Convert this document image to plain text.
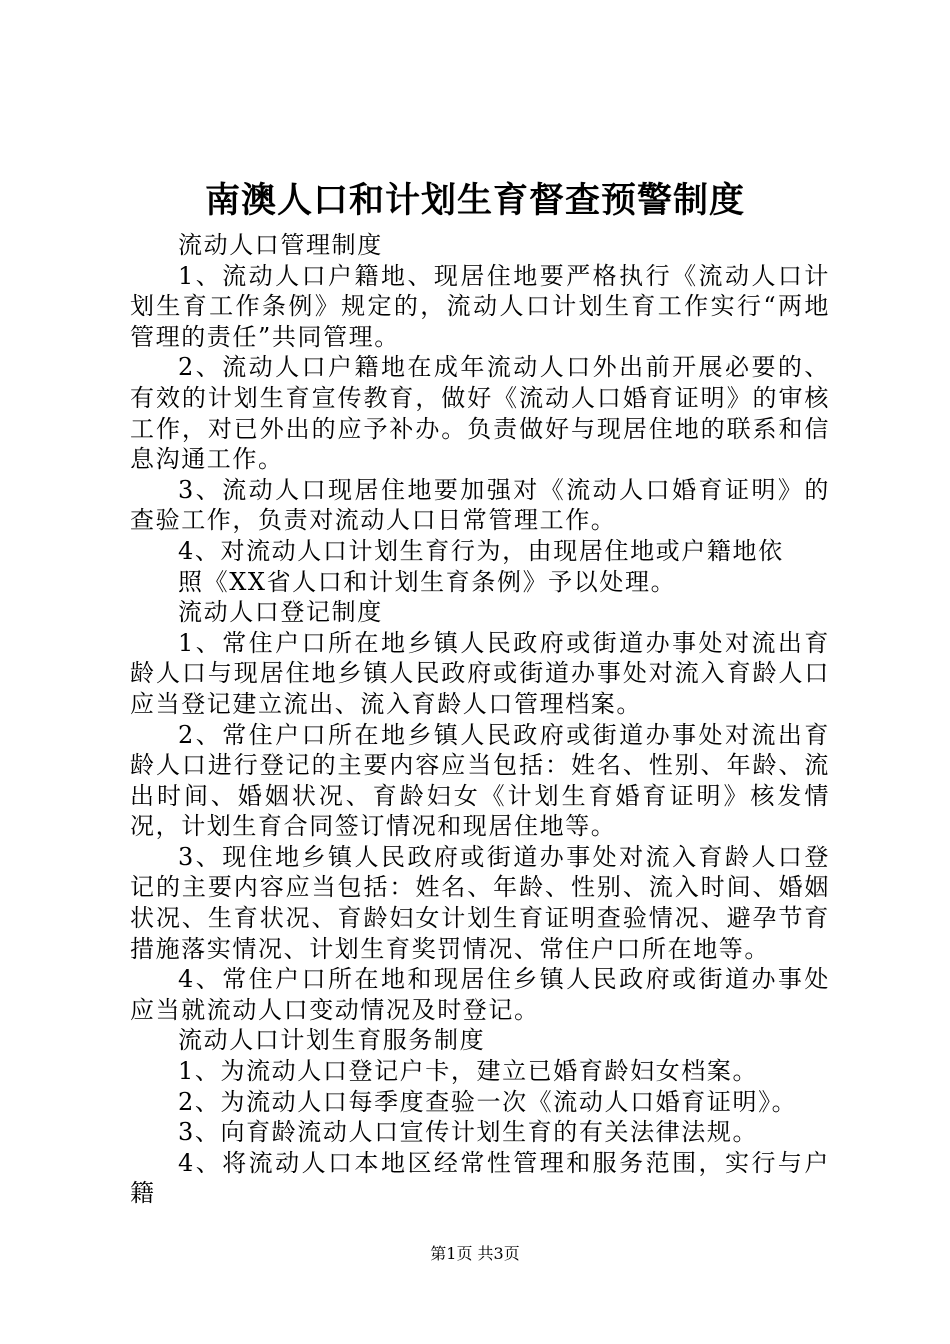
南澳人口和计划生育督查预警制度

流动人口管理制度

1、流动人口户籍地、现居住地要严格执行《流动人口计划生育工作条例》规定的，流动人口计划生育工作实行“两地管理的责任”共同管理。

2、流动人口户籍地在成年流动人口外出前开展必要的、有效的计划生育宣传教育，做好《流动人口婚育证明》的审核工作，对已外出的应予补办。负责做好与现居住地的联系和信息沟通工作。

3、流动人口现居住地要加强对《流动人口婚育证明》的查验工作，负责对流动人口日常管理工作。

4、对流动人口计划生育行为，由现居住地或户籍地依

照《XX省人口和计划生育条例》予以处理。

流动人口登记制度

1、常住户口所在地乡镇人民政府或街道办事处对流出育龄人口与现居住地乡镇人民政府或街道办事处对流入育龄人口应当登记建立流出、流入育龄人口管理档案。

2、常住户口所在地乡镇人民政府或街道办事处对流出育龄人口进行登记的主要内容应当包括：姓名、性别、年龄、流出时间、婚姻状况、育龄妇女《计划生育婚育证明》核发情况，计划生育合同签订情况和现居住地等。

3、现住地乡镇人民政府或街道办事处对流入育龄人口登记的主要内容应当包括：姓名、年龄、性别、流入时间、婚姻状况、生育状况、育龄妇女计划生育证明查验情况、避孕节育措施落实情况、计划生育奖罚情况、常住户口所在地等。

4、常住户口所在地和现居住乡镇人民政府或街道办事处应当就流动人口变动情况及时登记。

流动人口计划生育服务制度

1、为流动人口登记户卡，建立已婚育龄妇女档案。

2、为流动人口每季度查验一次《流动人口婚育证明》。

3、向育龄流动人口宣传计划生育的有关法律法规。

4、将流动人口本地区经常性管理和服务范围，实行与户籍

第1页 共3页
